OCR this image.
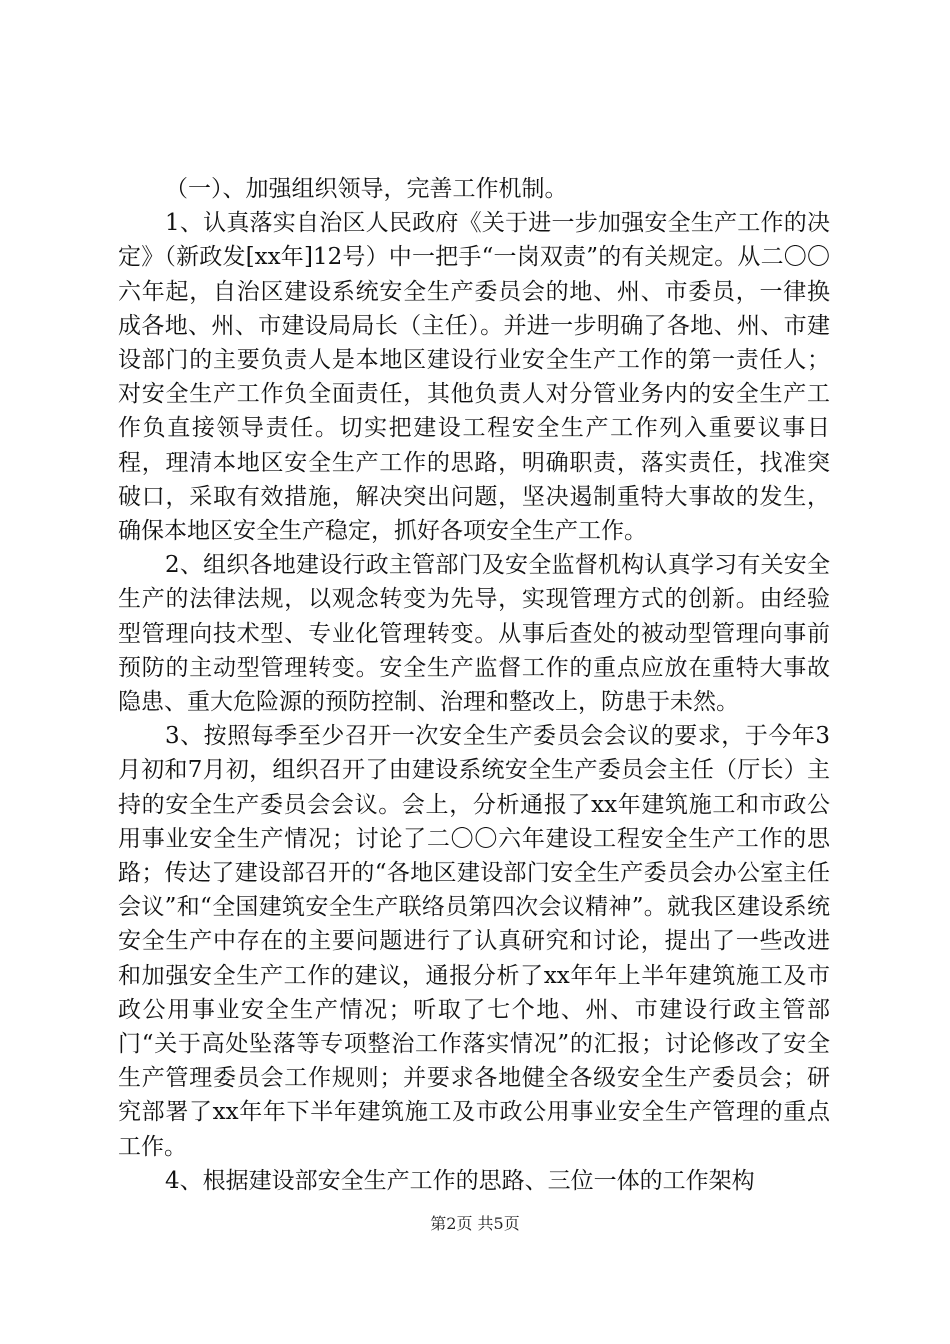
（一）、加强组织领导，完善工作机制。

1、认真落实自治区人民政府《关于进一步加强安全生产工作的决定》（新政发[xx年]12号）中一把手“一岗双责”的有关规定。从二〇〇六年起，自治区建设系统安全生产委员会的地、州、市委员，一律换成各地、州、市建设局局长（主任）。并进一步明确了各地、州、市建设部门的主要负责人是本地区建设行业安全生产工作的第一责任人；对安全生产工作负全面责任，其他负责人对分管业务内的安全生产工作负直接领导责任。切实把建设工程安全生产工作列入重要议事日程，理清本地区安全生产工作的思路，明确职责，落实责任，找准突破口，采取有效措施，解决突出问题，坚决遏制重特大事故的发生，确保本地区安全生产稳定，抓好各项安全生产工作。

2、组织各地建设行政主管部门及安全监督机构认真学习有关安全生产的法律法规，以观念转变为先导，实现管理方式的创新。由经验型管理向技术型、专业化管理转变。从事后查处的被动型管理向事前预防的主动型管理转变。安全生产监督工作的重点应放在重特大事故隐患、重大危险源的预防控制、治理和整改上，防患于未然。

3、按照每季至少召开一次安全生产委员会会议的要求，于今年3月初和7月初，组织召开了由建设系统安全生产委员会主任（厅长）主持的安全生产委员会会议。会上，分析通报了xx年建筑施工和市政公用事业安全生产情况；讨论了二〇〇六年建设工程安全生产工作的思路；传达了建设部召开的“各地区建设部门安全生产委员会办公室主任会议”和“全国建筑安全生产联络员第四次会议精神”。就我区建设系统安全生产中存在的主要问题进行了认真研究和讨论，提出了一些改进和加强安全生产工作的建议，通报分析了xx年年上半年建筑施工及市政公用事业安全生产情况；听取了七个地、州、市建设行政主管部门“关于高处坠落等专项整治工作落实情况”的汇报；讨论修改了安全生产管理委员会工作规则；并要求各地健全各级安全生产委员会；研究部署了xx年年下半年建筑施工及市政公用事业安全生产管理的重点工作。

4、根据建设部安全生产工作的思路、三位一体的工作架构

第2页 共5页
